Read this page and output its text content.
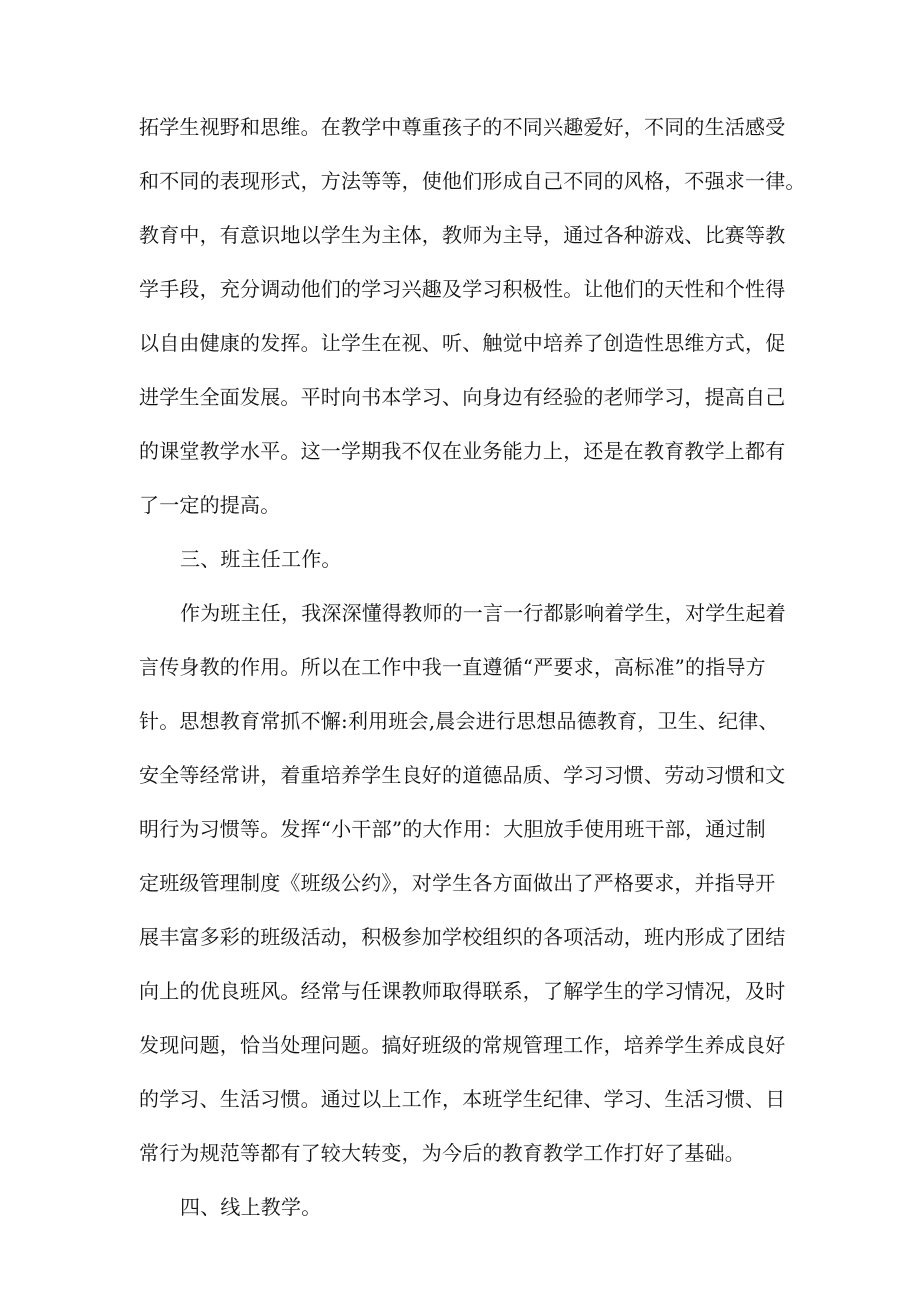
拓学生视野和思维。在教学中尊重孩子的不同兴趣爱好，不同的生活感受
和不同的表现形式，方法等等，使他们形成自己不同的风格，不强求一律。
教育中，有意识地以学生为主体，教师为主导，通过各种游戏、比赛等教
学手段，充分调动他们的学习兴趣及学习积极性。让他们的天性和个性得
以自由健康的发挥。让学生在视、听、触觉中培养了创造性思维方式，促
进学生全面发展。平时向书本学习、向身边有经验的老师学习，提高自己
的课堂教学水平。这一学期我不仅在业务能力上，还是在教育教学上都有
了一定的提高。
三、班主任工作。
作为班主任，我深深懂得教师的一言一行都影响着学生，对学生起着
言传身教的作用。所以在工作中我一直遵循“严要求，高标准”的指导方
针。思想教育常抓不懈:利用班会,晨会进行思想品德教育，卫生、纪律、
安全等经常讲，着重培养学生良好的道德品质、学习习惯、劳动习惯和文
明行为习惯等。发挥“小干部”的大作用：大胆放手使用班干部，通过制
定班级管理制度《班级公约》，对学生各方面做出了严格要求，并指导开
展丰富多彩的班级活动，积极参加学校组织的各项活动，班内形成了团结
向上的优良班风。经常与任课教师取得联系，了解学生的学习情况，及时
发现问题，恰当处理问题。搞好班级的常规管理工作，培养学生养成良好
的学习、生活习惯。通过以上工作，本班学生纪律、学习、生活习惯、日
常行为规范等都有了较大转变，为今后的教育教学工作打好了基础。
四、线上教学。
